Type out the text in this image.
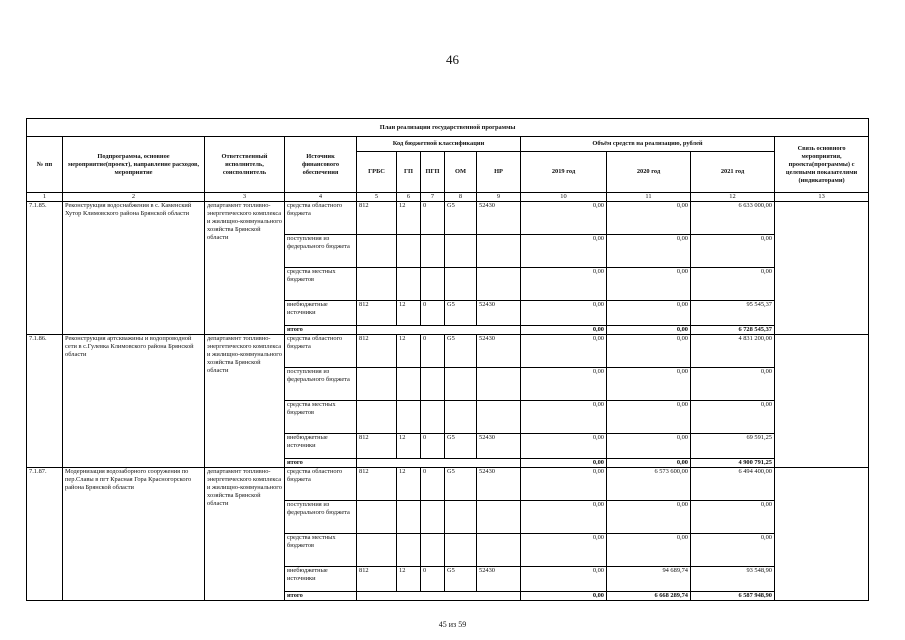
46
План реализации государственной программы												
№ пп	Подпрограмма, основное мероприятие(проект), направление расходов, мероприятие	Ответственный исполнитель, соисполнитель	Источник финансового обеспечения	Код бюджетной классификации					Объём средств на реализацию, рублей			Связь основного мероприятия, проекта(программы) с целевыми показателями (индикаторами)
				ГРБС	ГП	ПГП	ОМ	НР	2019 год	2020 год	2021 год	
1	2	3	4	5	6	7	8	9	10	11	12	13
7.1.85.	Реконструкция водоснабжения в с. Каменский Хутор Климовского района Брянской области	департамент топливно-энергетического комплекса и жилищно-коммунального хозяйства Брянской области	средства областного бюджета	812	12	0	G5	52430	0,00	0,00	6 633 000,00	
			поступления из федерального бюджета						0,00	0,00	0,00	
			средства местных бюджетов						0,00	0,00	0,00	
			внебюджетные источники	812	12	0	G5	52430	0,00	0,00	95 545,37	
			итого						0,00	0,00	6 728 545,37	
7.1.86.	Реконструкция артскважины и водопроводной сети в с.Гулевка Климовского района Брянской области	департамент топливно-энергетического комплекса и жилищно-коммунального хозяйства Брянской области	средства областного бюджета	812	12	0	G5	52430	0,00	0,00	4 831 200,00	
			поступления из федерального бюджета						0,00	0,00	0,00	
			средства местных бюджетов						0,00	0,00	0,00	
			внебюджетные источники	812	12	0	G5	52430	0,00	0,00	69 591,25	
			итого						0,00	0,00	4 900 791,25	
7.1.87.	Модернизация водозаборного сооружения по пер.Славы в пгт Красная Гора Красногорского района Брянской области	департамент топливно-энергетического комплекса и жилищно-коммунального хозяйства Брянской области	средства областного бюджета	812	12	0	G5	52430	0,00	6 573 600,00	6 494 400,00	
			поступления из федерального бюджета						0,00	0,00	0,00	
			средства местных бюджетов						0,00	0,00	0,00	
			внебюджетные источники	812	12	0	G5	52430	0,00	94 689,74	93 548,90	
			итого						0,00	6 668 289,74	6 587 948,90	
45 из 59
